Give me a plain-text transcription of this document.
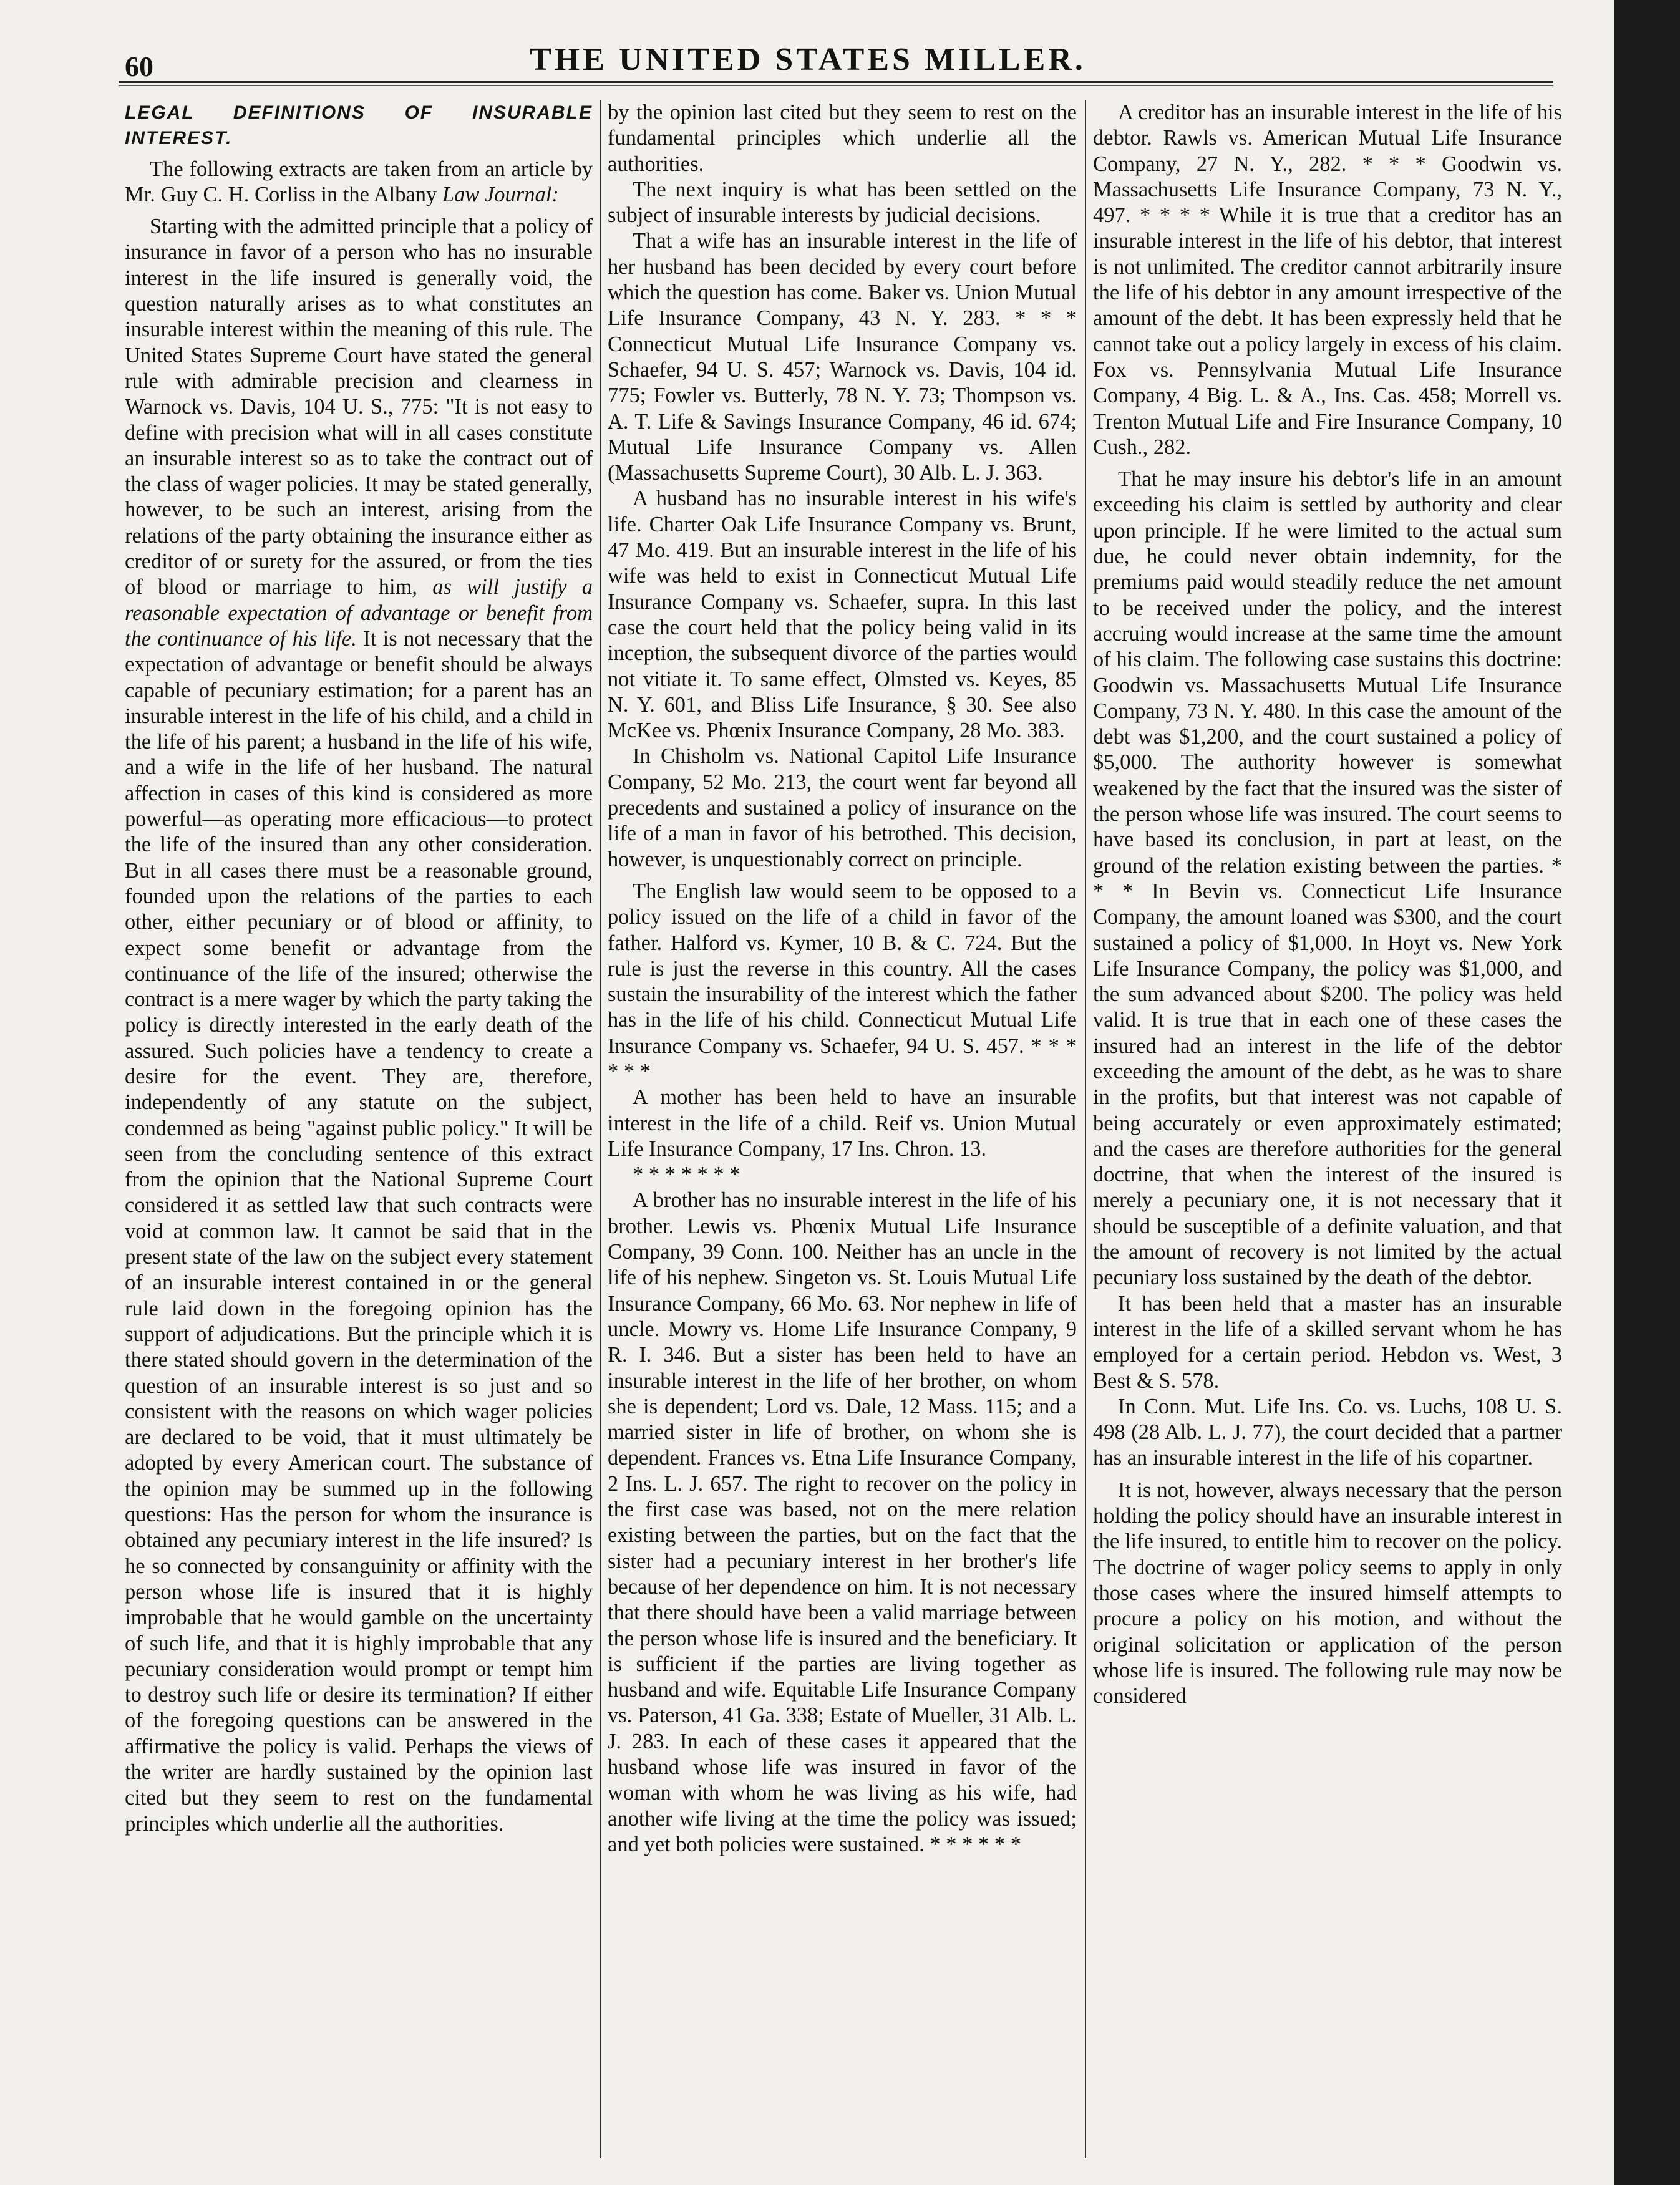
60	THE UNITED STATES MILLER.

LEGAL DEFINITIONS OF INSURABLE INTEREST.

The following extracts are taken from an article by Mr. Guy C. H. Corliss in the Albany Law Journal:

Starting with the admitted principle that a policy of insurance in favor of a person who has no insurable interest in the life insured is generally void, the question naturally arises as to what constitutes an insurable interest within the meaning of this rule. The United States Supreme Court have stated the general rule with admirable precision and clearness in Warnock vs. Davis, 104 U. S., 775: "It is not easy to define with precision what will in all cases constitute an insurable interest so as to take the contract out of the class of wager policies. It may be stated generally, however, to be such an interest, arising from the relations of the party obtaining the insurance either as creditor of or surety for the assured, or from the ties of blood or marriage to him, as will justify a reasonable expectation of advantage or benefit from the continuance of his life. It is not necessary that the expectation of advantage or benefit should be always capable of pecuniary estimation; for a parent has an insurable interest in the life of his child, and a child in the life of his parent; a husband in the life of his wife, and a wife in the life of her husband. The natural affection in cases of this kind is considered as more powerful—as operating more efficacious—to protect the life of the insured than any other consideration. But in all cases there must be a reasonable ground, founded upon the relations of the parties to each other, either pecuniary or of blood or affinity, to expect some benefit or advantage from the continuance of the life of the insured; otherwise the contract is a mere wager by which the party taking the policy is directly interested in the early death of the assured. Such policies have a tendency to create a desire for the event. They are, therefore, independently of any statute on the subject, condemned as being "against public policy." It will be seen from the concluding sentence of this extract from the opinion that the National Supreme Court considered it as settled law that such contracts were void at common law. It cannot be said that in the present state of the law on the subject every statement of an insurable interest contained in or the general rule laid down in the foregoing opinion has the support of adjudications. But the principle which it is there stated should govern in the determination of the question of an insurable interest is so just and so consistent with the reasons on which wager policies are declared to be void, that it must ultimately be adopted by every American court. The substance of the opinion may be summed up in the following questions: Has the person for whom the insurance is obtained any pecuniary interest in the life insured? Is he so connected by consanguinity or affinity with the person whose life is insured that it is highly improbable that he would gamble on the uncertainty of such life, and that it is highly improbable that any pecuniary consideration would prompt or tempt him to destroy such life or desire its termination? If either of the foregoing questions can be answered in the affirmative the policy is valid. Perhaps the views of the writer are hardly sustained by the opinion last cited but they seem to rest on the fundamental principles which underlie all the authorities.

by the opinion last cited but they seem to rest on the fundamental principles which underlie all the authorities.

The next inquiry is what has been settled on the subject of insurable interests by judicial decisions.

That a wife has an insurable interest in the life of her husband has been decided by every court before which the question has come. Baker vs. Union Mutual Life Insurance Company, 43 N. Y. 283. * * * Connecticut Mutual Life Insurance Company vs. Schaefer, 94 U. S. 457; Warnock vs. Davis, 104 id. 775; Fowler vs. Butterly, 78 N. Y. 73; Thompson vs. A. T. Life & Savings Insurance Company, 46 id. 674; Mutual Life Insurance Company vs. Allen (Massachusetts Supreme Court), 30 Alb. L. J. 363.

A husband has no insurable interest in his wife's life. Charter Oak Life Insurance Company vs. Brunt, 47 Mo. 419. But an insurable interest in the life of his wife was held to exist in Connecticut Mutual Life Insurance Company vs. Schaefer, supra. In this last case the court held that the policy being valid in its inception, the subsequent divorce of the parties would not vitiate it. To same effect, Olmsted vs. Keyes, 85 N. Y. 601, and Bliss Life Insurance, § 30. See also McKee vs. Phœnix Insurance Company, 28 Mo. 383.

In Chisholm vs. National Capitol Life Insurance Company, 52 Mo. 213, the court went far beyond all precedents and sustained a policy of insurance on the life of a man in favor of his betrothed. This decision, however, is unquestionably correct on principle.

The English law would seem to be opposed to a policy issued on the life of a child in favor of the father. Halford vs. Kymer, 10 B. & C. 724. But the rule is just the reverse in this country. All the cases sustain the insurability of the interest which the father has in the life of his child. Connecticut Mutual Life Insurance Company vs. Schaefer, 94 U. S. 457. * * * * * *

A mother has been held to have an insurable interest in the life of a child. Reif vs. Union Mutual Life Insurance Company, 17 Ins. Chron. 13.

* * * * * * *

A brother has no insurable interest in the life of his brother. Lewis vs. Phœnix Mutual Life Insurance Company, 39 Conn. 100. Neither has an uncle in the life of his nephew. Singeton vs. St. Louis Mutual Life Insurance Company, 66 Mo. 63. Nor nephew in life of uncle. Mowry vs. Home Life Insurance Company, 9 R. I. 346. But a sister has been held to have an insurable interest in the life of her brother, on whom she is dependent; Lord vs. Dale, 12 Mass. 115; and a married sister in life of brother, on whom she is dependent. Frances vs. Etna Life Insurance Company, 2 Ins. L. J. 657. The right to recover on the policy in the first case was based, not on the mere relation existing between the parties, but on the fact that the sister had a pecuniary interest in her brother's life because of her dependence on him. It is not necessary that there should have been a valid marriage between the person whose life is insured and the beneficiary. It is sufficient if the parties are living together as husband and wife. Equitable Life Insurance Company vs. Paterson, 41 Ga. 338; Estate of Mueller, 31 Alb. L. J. 283. In each of these cases it appeared that the husband whose life was insured in favor of the woman with whom he was living as his wife, had another wife living at the time the policy was issued; and yet both policies were sustained. * * * * * *

A creditor has an insurable interest in the life of his debtor. Rawls vs. American Mutual Life Insurance Company, 27 N. Y., 282. * * * Goodwin vs. Massachusetts Life Insurance Company, 73 N. Y., 497. * * * * While it is true that a creditor has an insurable interest in the life of his debtor, that interest is not unlimited. The creditor cannot arbitrarily insure the life of his debtor in any amount irrespective of the amount of the debt. It has been expressly held that he cannot take out a policy largely in excess of his claim. Fox vs. Pennsylvania Mutual Life Insurance Company, 4 Big. L. & A., Ins. Cas. 458; Morrell vs. Trenton Mutual Life and Fire Insurance Company, 10 Cush., 282.

That he may insure his debtor's life in an amount exceeding his claim is settled by authority and clear upon principle. If he were limited to the actual sum due, he could never obtain indemnity, for the premiums paid would steadily reduce the net amount to be received under the policy, and the interest accruing would increase at the same time the amount of his claim. The following case sustains this doctrine: Goodwin vs. Massachusetts Mutual Life Insurance Company, 73 N. Y. 480. In this case the amount of the debt was $1,200, and the court sustained a policy of $5,000. The authority however is somewhat weakened by the fact that the insured was the sister of the person whose life was insured. The court seems to have based its conclusion, in part at least, on the ground of the relation existing between the parties. * * * In Bevin vs. Connecticut Life Insurance Company, the amount loaned was $300, and the court sustained a policy of $1,000. In Hoyt vs. New York Life Insurance Company, the policy was $1,000, and the sum advanced about $200. The policy was held valid. It is true that in each one of these cases the insured had an interest in the life of the debtor exceeding the amount of the debt, as he was to share in the profits, but that interest was not capable of being accurately or even approximately estimated; and the cases are therefore authorities for the general doctrine, that when the interest of the insured is merely a pecuniary one, it is not necessary that it should be susceptible of a definite valuation, and that the amount of recovery is not limited by the actual pecuniary loss sustained by the death of the debtor.

It has been held that a master has an insurable interest in the life of a skilled servant whom he has employed for a certain period. Hebdon vs. West, 3 Best & S. 578.

In Conn. Mut. Life Ins. Co. vs. Luchs, 108 U. S. 498 (28 Alb. L. J. 77), the court decided that a partner has an insurable interest in the life of his copartner.

It is not, however, always necessary that the person holding the policy should have an insurable interest in the life insured, to entitle him to recover on the policy. The doctrine of wager policy seems to apply in only those cases where the insured himself attempts to procure a policy on his motion, and without the original solicitation or application of the person whose life is insured. The following rule may now be considered
